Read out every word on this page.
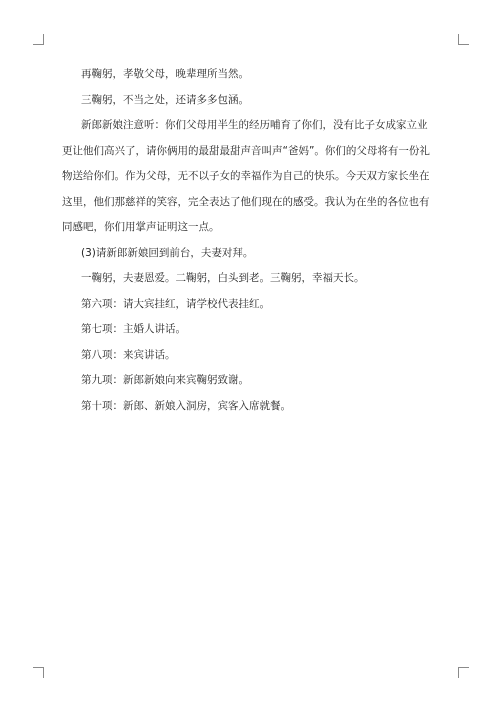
再鞠躬，孝敬父母，晚辈理所当然。

三鞠躬，不当之处，还请多多包涵。

新郎新娘注意听：你们父母用半生的经历哺育了你们，没有比子女成家立业更让他们高兴了，请你俩用的最甜最甜声音叫声“爸妈”。你们的父母将有一份礼物送给你们。作为父母，无不以子女的幸福作为自己的快乐。今天双方家长坐在这里，他们那慈祥的笑容，完全表达了他们现在的感受。我认为在坐的各位也有同感吧，你们用掌声证明这一点。

(3)请新郎新娘回到前台，夫妻对拜。

一鞠躬，夫妻恩爱。二鞠躬，白头到老。三鞠躬，幸福天长。

第六项：请大宾挂红，请学校代表挂红。

第七项：主婚人讲话。

第八项：来宾讲话。

第九项：新郎新娘向来宾鞠躬致谢。

第十项：新郎、新娘入洞房，宾客入席就餐。
